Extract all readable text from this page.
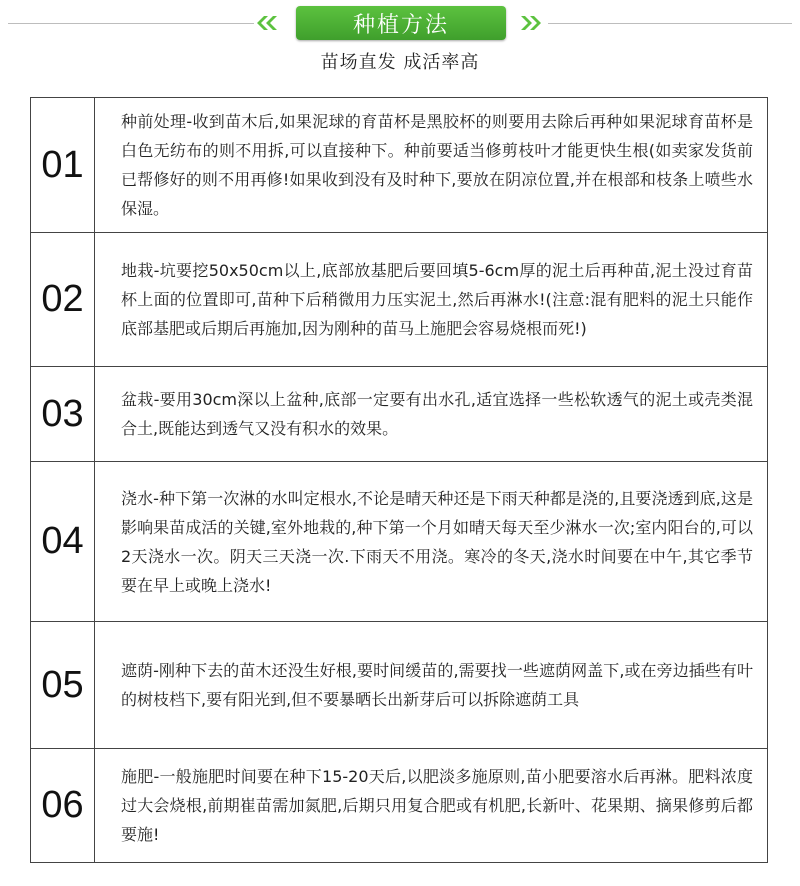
种植方法
苗场直发 成活率高
01
种前处理-收到苗木后,如果泥球的育苗杯是黑胶杯的则要用去除后再种如果泥球育苗杯是白色无纺布的则不用拆,可以直接种下。种前要适当修剪枝叶才能更快生根(如卖家发货前已帮修好的则不用再修!如果收到没有及时种下,要放在阴凉位置,并在根部和枝条上喷些水保湿。
02
地栽-坑要挖50x50cm以上,底部放基肥后要回填5-6cm厚的泥土后再种苗,泥土没过育苗杯上面的位置即可,苗种下后稍微用力压实泥土,然后再淋水!(注意:混有肥料的泥土只能作底部基肥或后期后再施加,因为刚种的苗马上施肥会容易烧根而死!)
03	盆栽-要用30cm深以上盆种,底部一定要有出水孔,适宜选择一些松软透气的泥土或壳类混合土,既能达到透气又没有积水的效果。
04
浇水-种下第一次淋的水叫定根水,不论是晴天种还是下雨天种都是浇的,且要浇透到底,这是影响果苗成活的关键,室外地栽的,种下第一个月如晴天每天至少淋水一次;室内阳台的,可以2天浇水一次。阴天三天浇一次.下雨天不用浇。寒冷的冬天,浇水时间要在中午,其它季节要在早上或晚上浇水!
05	遮荫-刚种下去的苗木还没生好根,要时间缓苗的,需要找一些遮荫网盖下,或在旁边插些有叶的树枝档下,要有阳光到,但不要暴晒长出新芽后可以拆除遮荫工具
06
施肥-一般施肥时间要在种下15-20天后,以肥淡多施原则,苗小肥要溶水后再淋。肥料浓度过大会烧根,前期崔苗需加氮肥,后期只用复合肥或有机肥,长新叶、花果期、摘果修剪后都要施!
